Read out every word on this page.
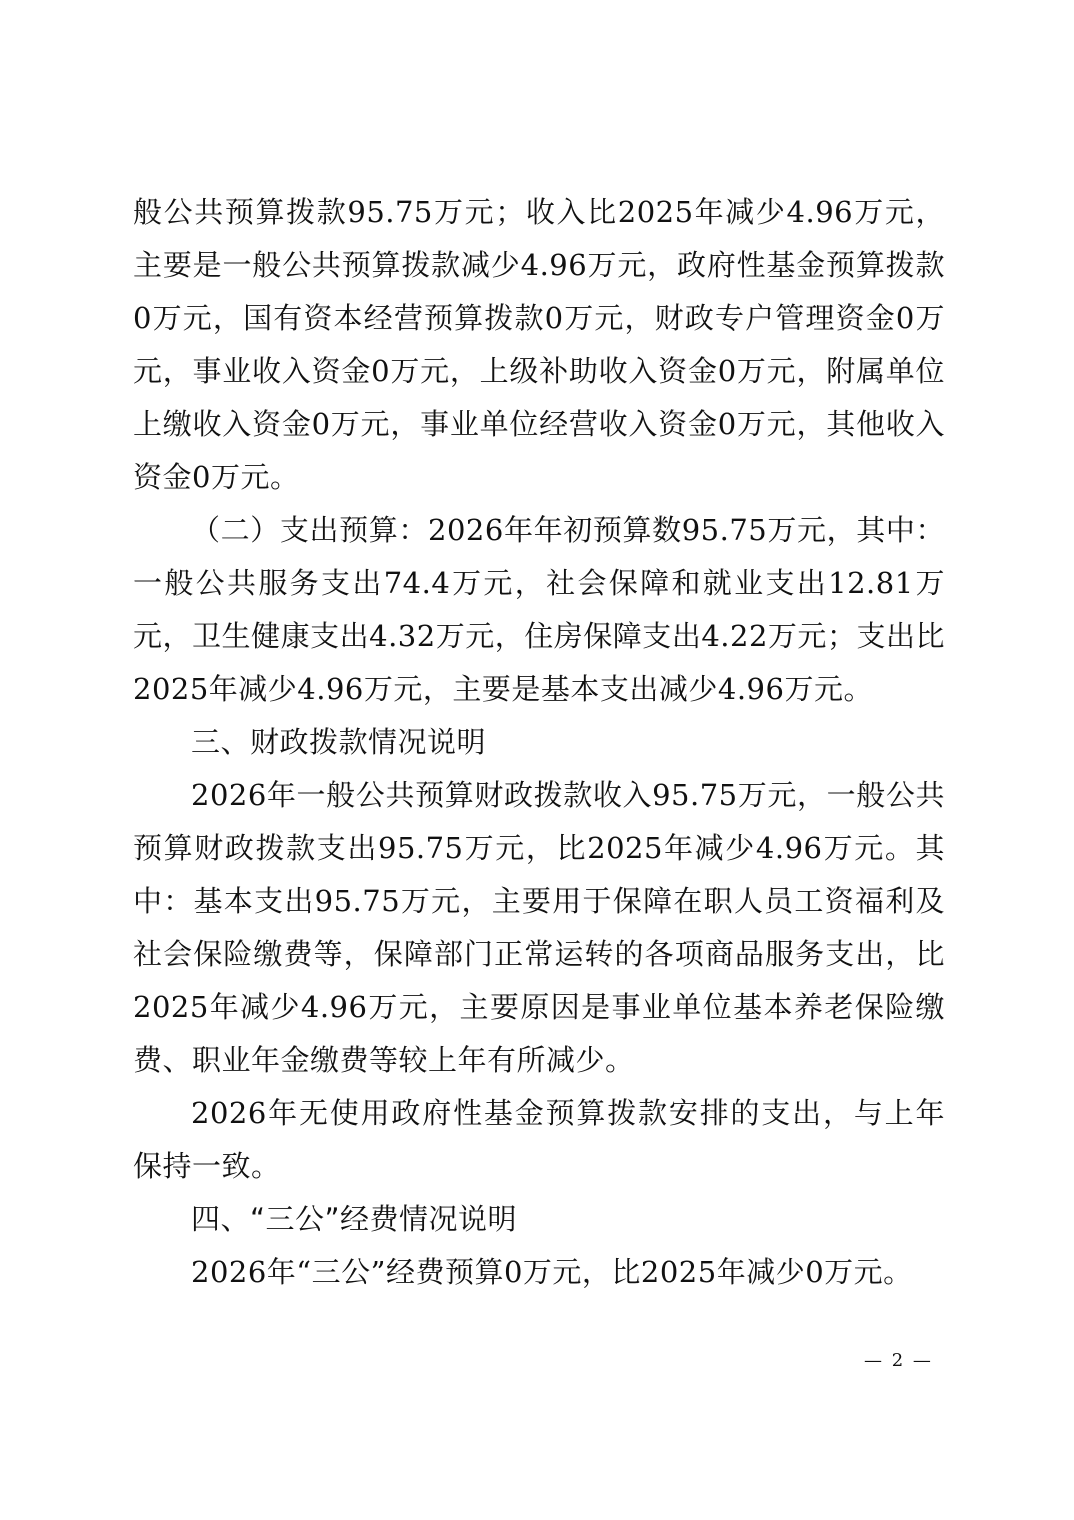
般公共预算拨款95.75万元；收入比2025年减少4.96万元，主要是一般公共预算拨款减少4.96万元，政府性基金预算拨款0万元，国有资本经营预算拨款0万元，财政专户管理资金0万元，事业收入资金0万元，上级补助收入资金0万元，附属单位上缴收入资金0万元，事业单位经营收入资金0万元，其他收入资金0万元。

（二）支出预算：2026年年初预算数95.75万元，其中：一般公共服务支出74.4万元，社会保障和就业支出12.81万元，卫生健康支出4.32万元，住房保障支出4.22万元；支出比2025年减少4.96万元，主要是基本支出减少4.96万元。

三、财政拨款情况说明

2026年一般公共预算财政拨款收入95.75万元，一般公共预算财政拨款支出95.75万元，比2025年减少4.96万元。其中：基本支出95.75万元，主要用于保障在职人员工资福利及社会保险缴费等，保障部门正常运转的各项商品服务支出，比2025年减少4.96万元，主要原因是事业单位基本养老保险缴费、职业年金缴费等较上年有所减少。

2026年无使用政府性基金预算拨款安排的支出，与上年保持一致。

四、“三公”经费情况说明

2026年“三公”经费预算0万元，比2025年减少0万元。

— 2 —
